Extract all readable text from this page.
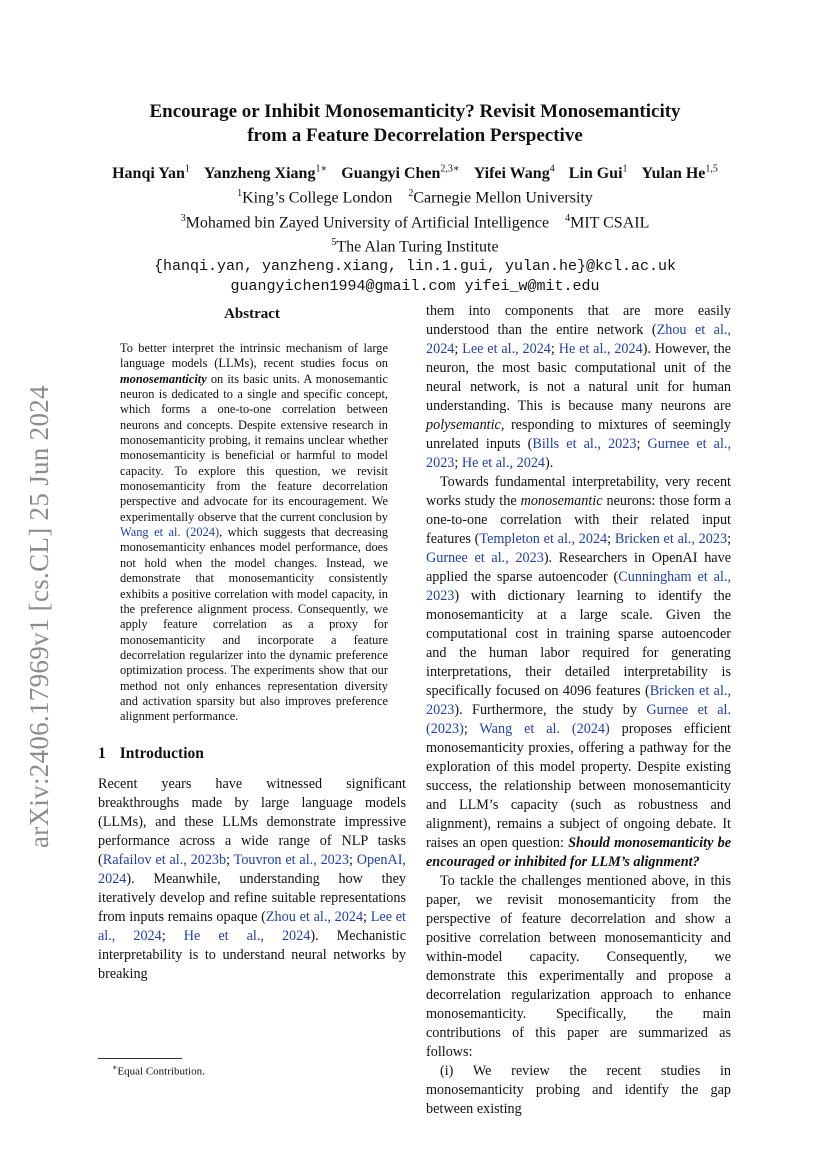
arXiv:2406.17969v1 [cs.CL] 25 Jun 2024
Encourage or Inhibit Monosemanticity? Revisit Monosemanticity
from a Feature Decorrelation Perspective
Hanqi Yan$^1$ Yanzheng Xiang$^{1∗}$ Guangyi Chen$^{2,3∗}$ Yifei Wang$^4$ Lin Gui$^1$ Yulan He$^{1,5}$
$^1$King’s College London $^2$Carnegie Mellon University
$^3$Mohamed bin Zayed University of Artificial Intelligence $^4$MIT CSAIL
$^5$The Alan Turing Institute
{hanqi.yan, yanzheng.xiang, lin.1.gui, yulan.he}@kcl.ac.uk
guangyichen1994@gmail.com yifei_w@mit.edu
Abstract
To better interpret the intrinsic mechanism of large language models (LLMs), recent studies focus on monosemanticity on its basic units. A monosemantic neuron is dedicated to a single and specific concept, which forms a one-to-one correlation between neurons and concepts. Despite extensive research in monosemanticity probing, it remains unclear whether monosemanticity is beneficial or harmful to model capacity. To explore this question, we revisit monosemanticity from the feature decorrelation perspective and advocate for its encouragement. We experimentally observe that the current conclusion by Wang et al. (2024), which suggests that decreasing monosemanticity enhances model performance, does not hold when the model changes. Instead, we demonstrate that monosemanticity consistently exhibits a positive correlation with model capacity, in the preference alignment process. Consequently, we apply feature correlation as a proxy for monosemanticity and incorporate a feature decorrelation regularizer into the dynamic preference optimization process. The experiments show that our method not only enhances representation diversity and activation sparsity but also improves preference alignment performance.
1 Introduction

Recent years have witnessed significant breakthroughs made by large language models (LLMs), and these LLMs demonstrate impressive performance across a wide range of NLP tasks (Rafailov et al., 2023b; Touvron et al., 2023; OpenAI, 2024). Meanwhile, understanding how they iteratively develop and refine suitable representations from inputs remains opaque (Zhou et al., 2024; Lee et al., 2024; He et al., 2024). Mechanistic interpretability is to understand neural networks by breaking

them into components that are more easily understood than the entire network (Zhou et al., 2024; Lee et al., 2024; He et al., 2024). However, the neuron, the most basic computational unit of the neural network, is not a natural unit for human understanding. This is because many neurons are polysemantic, responding to mixtures of seemingly unrelated inputs (Bills et al., 2023; Gurnee et al., 2023; He et al., 2024).

Towards fundamental interpretability, very recent works study the monosemantic neurons: those form a one-to-one correlation with their related input features (Templeton et al., 2024; Bricken et al., 2023; Gurnee et al., 2023). Researchers in OpenAI have applied the sparse autoencoder (Cunningham et al., 2023) with dictionary learning to identify the monosemanticity at a large scale. Given the computational cost in training sparse autoencoder and the human labor required for generating interpretations, their detailed interpretability is specifically focused on 4096 features (Bricken et al., 2023). Furthermore, the study by Gurnee et al. (2023); Wang et al. (2024) proposes efficient monosemanticity proxies, offering a pathway for the exploration of this model property. Despite existing success, the relationship between monosemanticity and LLM’s capacity (such as robustness and alignment), remains a subject of ongoing debate. It raises an open question: Should monosemanticity be encouraged or inhibited for LLM’s alignment?

To tackle the challenges mentioned above, in this paper, we revisit monosemanticity from the perspective of feature decorrelation and show a positive correlation between monosemanticity and within-model capacity. Consequently, we demonstrate this experimentally and propose a decorrelation regularization approach to enhance monosemanticity. Specifically, the main contributions of this paper are summarized as follows:

(i) We review the recent studies in monosemanticity probing and identify the gap between existing

∗Equal Contribution.
